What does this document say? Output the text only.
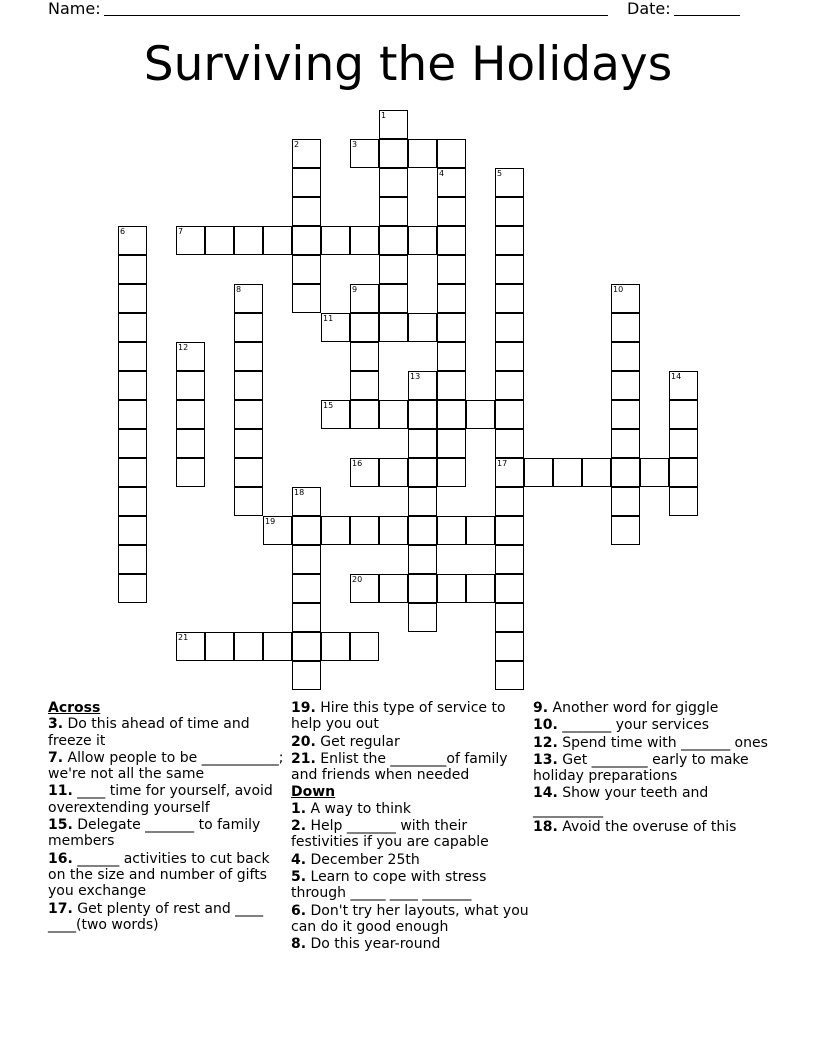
Name:	Date:
Surviving the Holidays
1
2	3
4	5
17
6	7
8	9	10
11
12
13	14
15
16
18
19
20
21
Across
3. Do this ahead of time and freeze it
7. Allow people to be ___________; we're not all the same
11. ____ time for yourself, avoid overextending yourself
15. Delegate _______ to family members
16. ______ activities to cut back on the size and number of gifts you exchange
17. Get plenty of rest and ____ ____(two words)
19. Hire this type of service to help you out
20. Get regular
21. Enlist the ________of family and friends when needed
Down
1. A way to think
2. Help _______ with their festivities if you are capable
4. December 25th
5. Learn to cope with stress through _____ ____ _______
6. Don't try her layouts, what you can do it good enough
8. Do this year-round
9. Another word for giggle
10. _______ your services
12. Spend time with _______ ones
13. Get ________ early to make holiday preparations
14. Show your teeth and __________
18. Avoid the overuse of this
